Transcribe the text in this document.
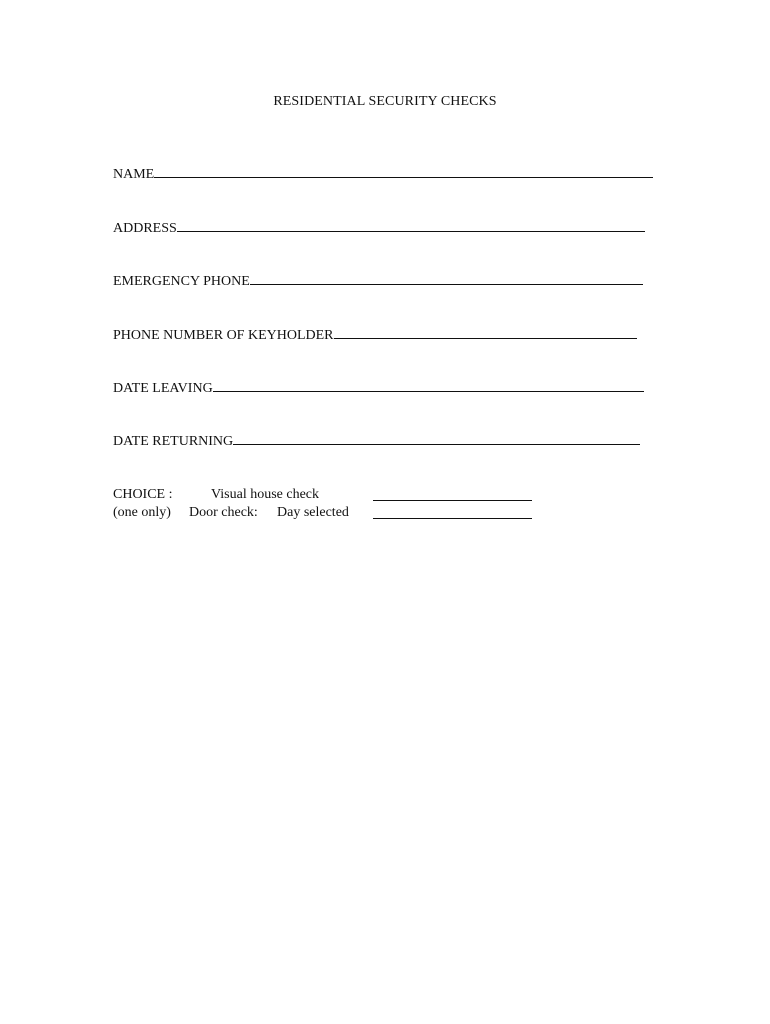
RESIDENTIAL SECURITY CHECKS
NAME
ADDRESS
EMERGENCY PHONE
PHONE NUMBER OF KEYHOLDER
DATE LEAVING
DATE RETURNING
CHOICE :	Visual house check
(one only) Door check: Day selected
